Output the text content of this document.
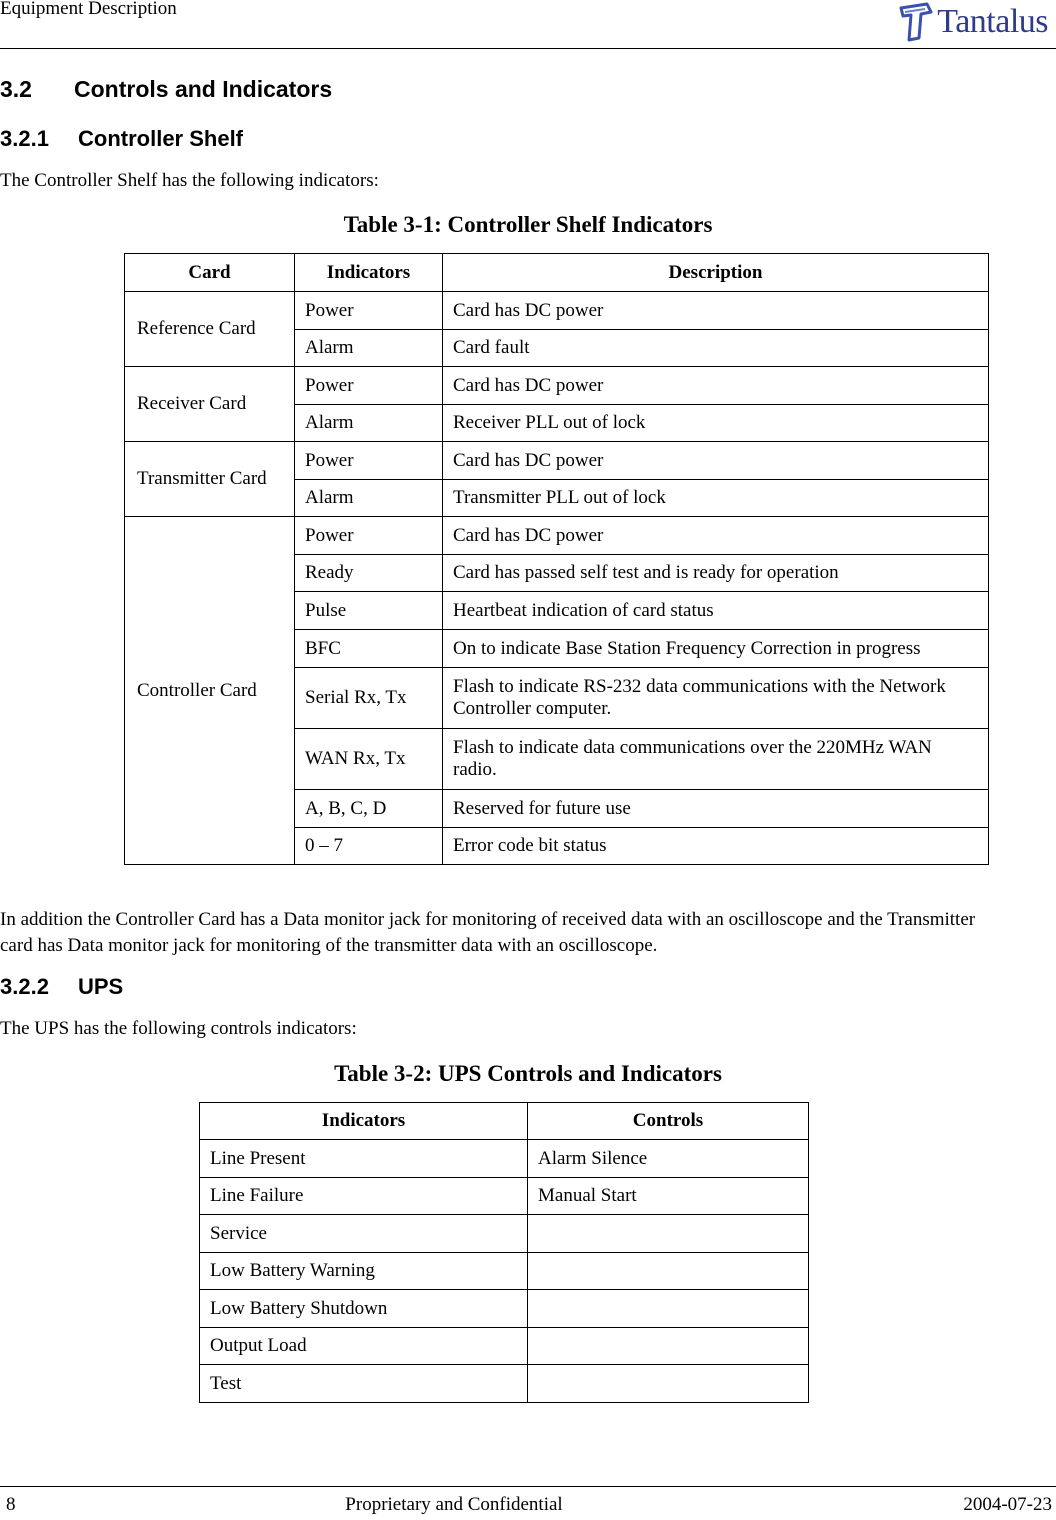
Equipment Description	Tantalus
3.2 Controls and Indicators
3.2.1 Controller Shelf
The Controller Shelf has the following indicators:
Table 3-1: Controller Shelf Indicators
Card	Indicators	Description
Reference Card	Power	Card has DC power
	Alarm	Card fault
Receiver Card	Power	Card has DC power
	Alarm	Receiver PLL out of lock
Transmitter Card	Power	Card has DC power
	Alarm	Transmitter PLL out of lock
Controller Card	Power	Card has DC power
	Ready	Card has passed self test and is ready for operation
	Pulse	Heartbeat indication of card status
	BFC	On to indicate Base Station Frequency Correction in progress
	Serial Rx, Tx	Flash to indicate RS-232 data communications with the Network Controller computer.
	WAN Rx, Tx	Flash to indicate data communications over the 220MHz WAN radio.
	A, B, C, D	Reserved for future use
	0 – 7	Error code bit status
In addition the Controller Card has a Data monitor jack for monitoring of received data with an oscilloscope and the Transmitter card has Data monitor jack for monitoring of the transmitter data with an oscilloscope.
3.2.2 UPS
The UPS has the following controls indicators:
Table 3-2: UPS Controls and Indicators
Indicators	Controls
Line Present	Alarm Silence
Line Failure	Manual Start
Service	
Low Battery Warning	
Low Battery Shutdown	
Output Load	
Test	
8	Proprietary and Confidential	2004-07-23
